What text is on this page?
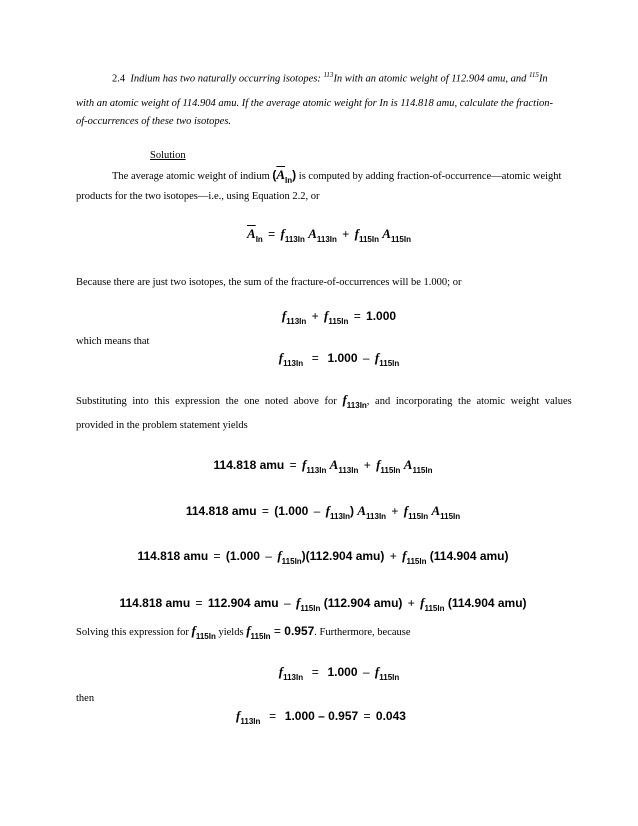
2.4 Indium has two naturally occurring isotopes: $^{113}$In with an atomic weight of 112.904 amu, and $^{115}$In
with an atomic weight of 114.904 amu. If the average atomic weight for In is 114.818 amu, calculate the fraction-
of-occurrences of these two isotopes.
Solution
The average atomic weight of indium $(\overline{A}_{In})$ is computed by adding fraction-of-occurrence—atomic weight
products for the two isotopes—i.e., using Equation 2.2, or
$\overline{A}_{In} = f_{113In}$ $A_{113In} + f_{115In}$ $A_{115In}$
Because there are just two isotopes, the sum of the fracture-of-occurrences will be 1.000; or
$f_{113In} + f_{115In} = 1.000$
which means that
$f_{113In} = 1.000 - f_{115In}$
Substituting into this expression the one noted above for $f_{113In}$, and incorporating the atomic weight values
provided in the problem statement yields
114.818 amu = $f_{113In}$ $A_{113In} + f_{115In}$ $A_{115In}$
114.818 amu = $(1.000 - f_{113In})$ $A_{113In} + f_{115In}$ $A_{115In}$
114.818 amu = $(1.000 - f_{115In})(112.904$ $amu) + f_{115In}$ (114.904 amu)
114.818 amu = 112.904 amu – $f_{115In}$ (112.904 $amu) + f_{115In}$ (114.904 amu)
Solving this expression for $f_{115In}$ yields $f_{115In} = 0.957$. Furthermore, because
$f_{113In} = 1.000 - f_{115In}$
then
$f_{113In} = 1.000 - 0.957 = 0.043$
